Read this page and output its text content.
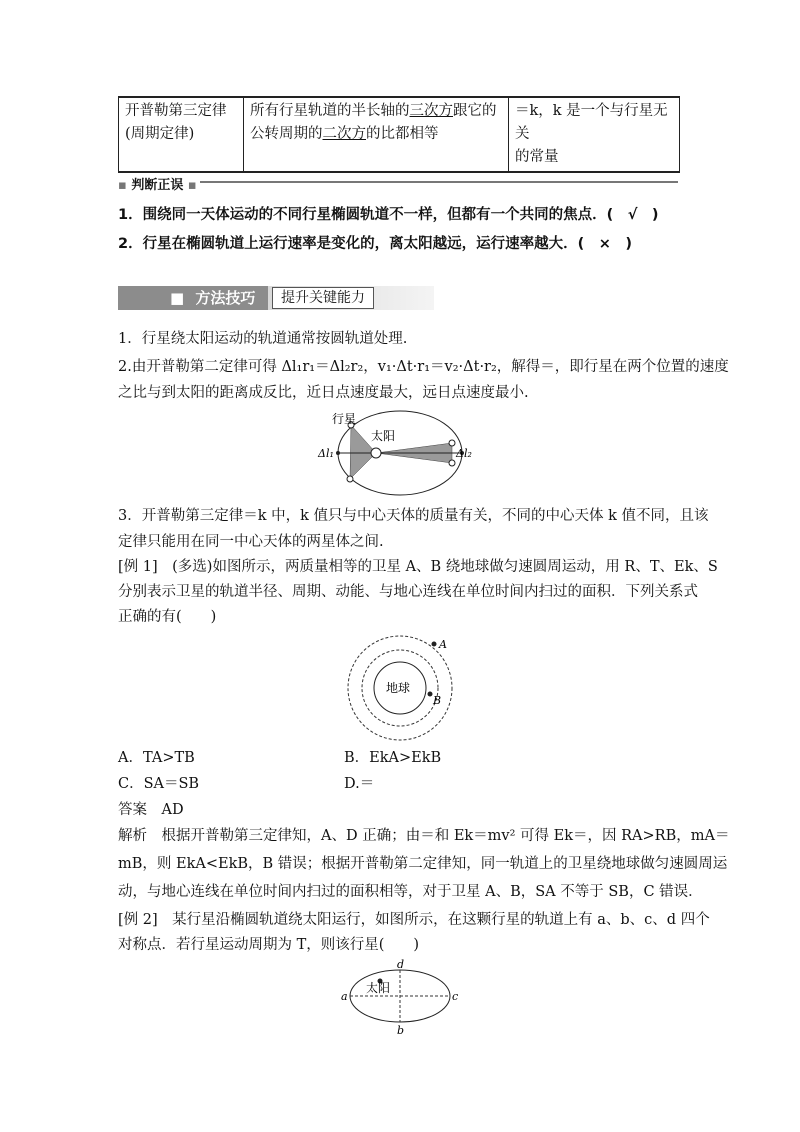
开普勒第三定律
(周期定律)

所有行星轨道的半长轴的三次方跟它的
公转周期的二次方的比都相等

＝k，k 是一个与行星无关
的常量
▪ 判断正误 ▪
1．围绕同一天体运动的不同行星椭圆轨道不一样，但都有一个共同的焦点．(　√　)
2．行星在椭圆轨道上运行速率是变化的，离太阳越远，运行速率越大．(　×　)
■ 方法技巧	提升关键能力
1．行星绕太阳运动的轨道通常按圆轨道处理.
2.由开普勒第二定律可得 Δl₁r₁＝Δl₂r₂，v₁·Δt·r₁＝v₂·Δt·r₂，解得＝，即行星在两个位置的速度
之比与到太阳的距离成反比，近日点速度最大，远日点速度最小.
行星
太阳
Δl₁	Δl₂
3．开普勒第三定律＝k 中，k 值只与中心天体的质量有关，不同的中心天体 k 值不同，且该
定律只能用在同一中心天体的两星体之间.
[例 1]　(多选)如图所示，两质量相等的卫星 A、B 绕地球做匀速圆周运动，用 R、T、Ek、S
分别表示卫星的轨道半径、周期、动能、与地心连线在单位时间内扫过的面积．下列关系式
正确的有(　　)
地球
A
B
A．TA>TB	B．EkA>EkB
C．SA＝SB	D.＝
答案　AD
解析　根据开普勒第三定律知，A、D 正确；由＝和 Ek＝mv² 可得 Ek＝，因 RA>RB，mA＝
mB，则 EkA<EkB，B 错误；根据开普勒第二定律知，同一轨道上的卫星绕地球做匀速圆周运
动，与地心连线在单位时间内扫过的面积相等，对于卫星 A、B，SA 不等于 SB，C 错误．
[例 2]　某行星沿椭圆轨道绕太阳运行，如图所示，在这颗行星的轨道上有 a、b、c、d 四个
对称点．若行星运动周期为 T，则该行星(　　)
太阳
a	c
d
b
